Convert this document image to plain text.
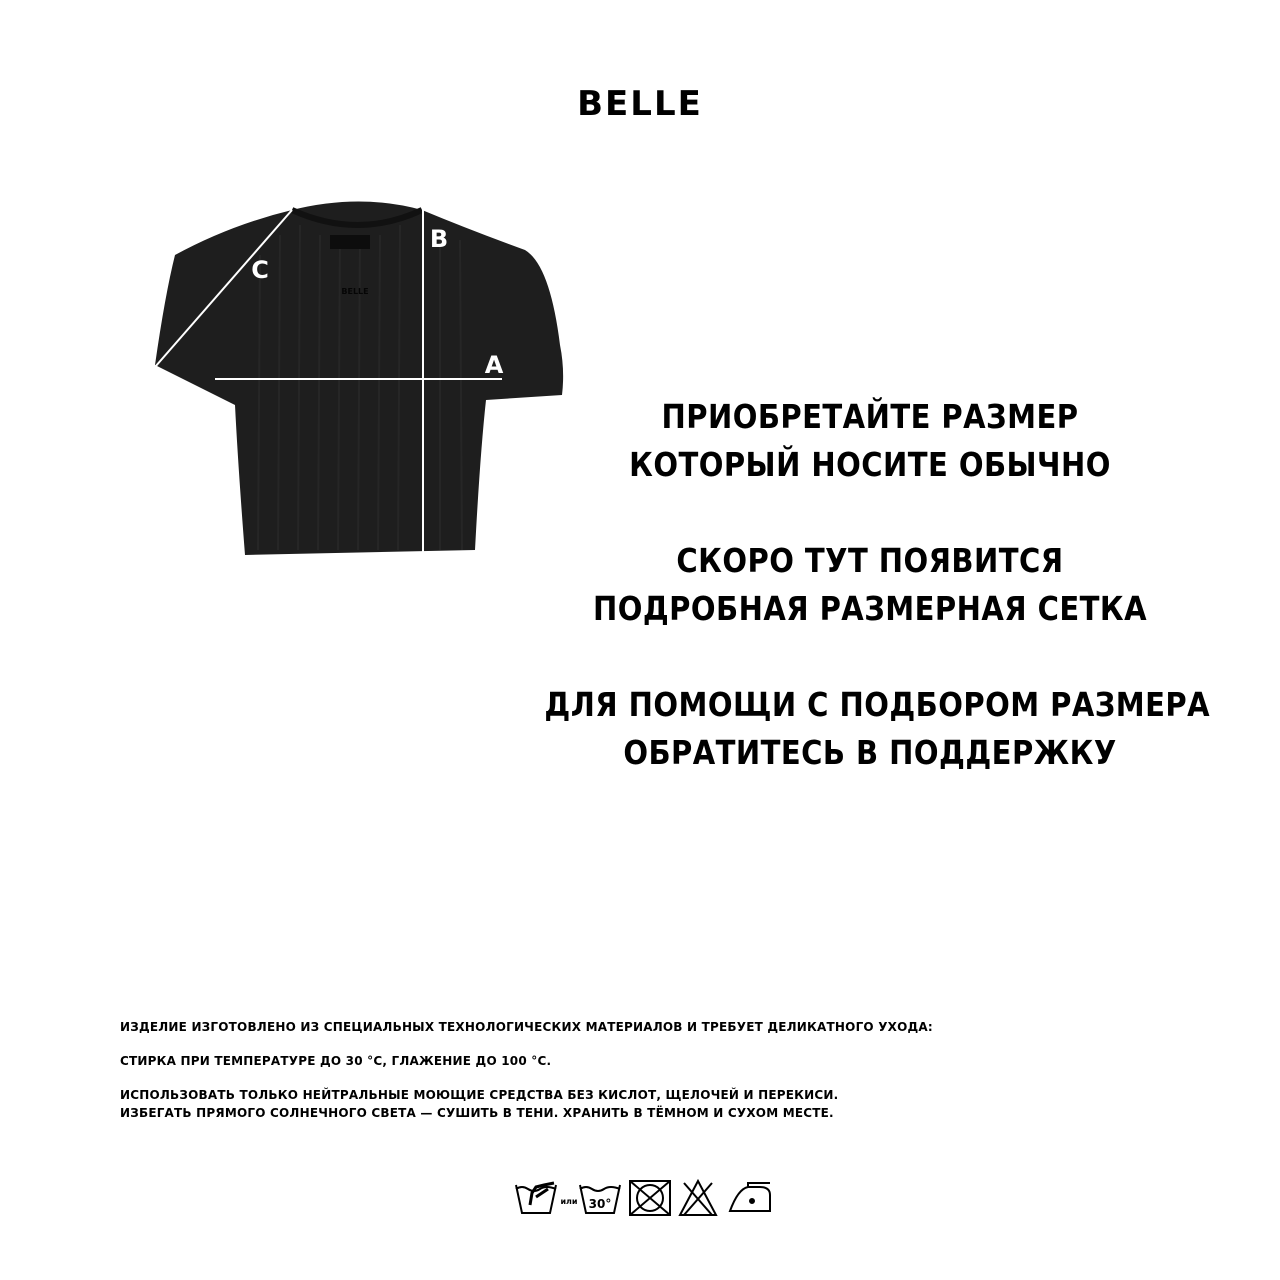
BELLE
BELLE
C
B
A
ПРИОБРЕТАЙТЕ РАЗМЕР
КОТОРЫЙ НОСИТЕ ОБЫЧНО
СКОРО ТУТ ПОЯВИТСЯ
ПОДРОБНАЯ РАЗМЕРНАЯ СЕТКА
ДЛЯ ПОМОЩИ С ПОДБОРОМ РАЗМЕРА
ОБРАТИТЕСЬ В ПОДДЕРЖКУ

ИЗДЕЛИЕ ИЗГОТОВЛЕНО ИЗ СПЕЦИАЛЬНЫХ ТЕХНОЛОГИЧЕСКИХ МАТЕРИАЛОВ И ТРЕБУЕТ ДЕЛИКАТНОГО УХОДА:

СТИРКА ПРИ ТЕМПЕРАТУРЕ ДО 30 °С, ГЛАЖЕНИЕ ДО 100 °С.

ИСПОЛЬЗОВАТЬ ТОЛЬКО НЕЙТРАЛЬНЫЕ МОЮЩИЕ СРЕДСТВА БЕЗ КИСЛОТ, ЩЕЛОЧЕЙ И ПЕРЕКИСИ.

ИЗБЕГАТЬ ПРЯМОГО СОЛНЕЧНОГО СВЕТА — СУШИТЬ В ТЕНИ. ХРАНИТЬ В ТЁМНОМ И СУХОМ МЕСТЕ.

или 30°
